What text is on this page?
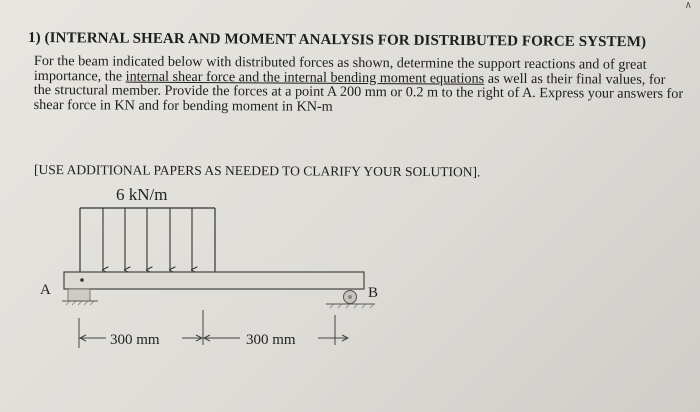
∧
1) (INTERNAL SHEAR AND MOMENT ANALYSIS FOR DISTRIBUTED FORCE SYSTEM)

For the beam indicated below with distributed forces as shown, determine the support reactions and of great importance, the internal shear force and the internal bending moment equations as well as their final values, for the structural member. Provide the forces at a point A 200 mm or 0.2 m to the right of A. Express your answers for shear force in KN and for bending moment in KN-m

[USE ADDITIONAL PAPERS AS NEEDED TO CLARIFY YOUR SOLUTION].
6 kN/m
A	B
300 mm	300 mm
